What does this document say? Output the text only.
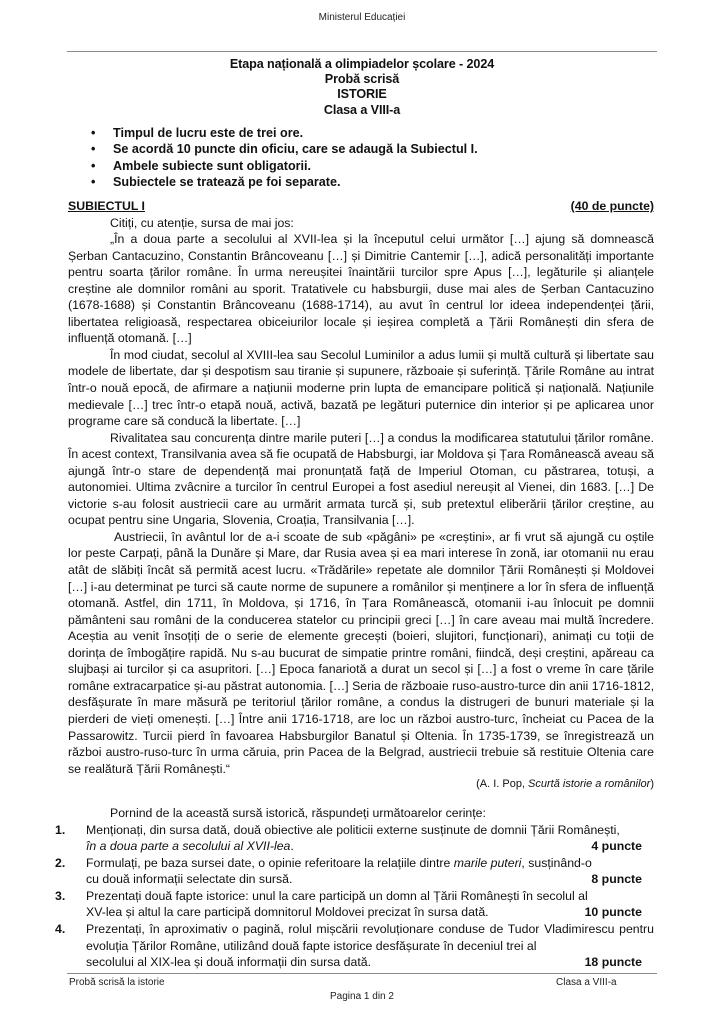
Ministerul Educației
Etapa națională a olimpiadelor școlare - 2024
Probă scrisă
ISTORIE
Clasa a VIII-a
• Timpul de lucru este de trei ore.
• Se acordă 10 puncte din oficiu, care se adaugă la Subiectul I.
• Ambele subiecte sunt obligatorii.
• Subiectele se tratează pe foi separate.
SUBIECTUL I	(40 de puncte)

Citiți, cu atenție, sursa de mai jos:

„În a doua parte a secolului al XVII-lea și la începutul celui următor […] ajung să domnească Șerban Cantacuzino, Constantin Brâncoveanu […] și Dimitrie Cantemir […], adică personalități importante pentru soarta țărilor române. În urma nereușitei înaintării turcilor spre Apus […], legăturile și alianțele creștine ale domnilor români au sporit. Tratativele cu habsburgii, duse mai ales de Șerban Cantacuzino (1678-1688) și Constantin Brâncoveanu (1688-1714), au avut în centrul lor ideea independenței țării, libertatea religioasă, respectarea obiceiurilor locale și ieșirea completă a Țării Românești din sfera de influență otomană. […]

În mod ciudat, secolul al XVIII-lea sau Secolul Luminilor a adus lumii și multă cultură și libertate sau modele de libertate, dar și despotism sau tiranie și supunere, războaie și suferință. Țările Române au intrat într-o nouă epocă, de afirmare a națiunii moderne prin lupta de emancipare politică și națională. Națiunile medievale […] trec într-o etapă nouă, activă, bazată pe legături puternice din interior și pe aplicarea unor programe care să conducă la libertate. […]

Rivalitatea sau concurența dintre marile puteri […] a condus la modificarea statutului țărilor române. În acest context, Transilvania avea să fie ocupată de Habsburgi, iar Moldova și Țara Românească aveau să ajungă într-o stare de dependență mai pronunțată față de Imperiul Otoman, cu păstrarea, totuși, a autonomiei. Ultima zvâcnire a turcilor în centrul Europei a fost asediul nereușit al Vienei, din 1683. […] De victorie s-au folosit austriecii care au urmărit armata turcă și, sub pretextul eliberării țărilor creștine, au ocupat pentru sine Ungaria, Slovenia, Croația, Transilvania […].

Austriecii, în avântul lor de a-i scoate de sub «păgâni» pe «creștini», ar fi vrut să ajungă cu oștile lor peste Carpați, până la Dunăre și Mare, dar Rusia avea și ea mari interese în zonă, iar otomanii nu erau atât de slăbiți încât să permită acest lucru. «Trădările» repetate ale domnilor Țării Românești și Moldovei […] i-au determinat pe turci să caute norme de supunere a românilor și menținere a lor în sfera de influență otomană. Astfel, din 1711, în Moldova, și 1716, în Țara Românească, otomanii i-au înlocuit pe domnii pământeni sau români de la conducerea statelor cu principii greci […] în care aveau mai multă încredere. Aceștia au venit însoțiți de o serie de elemente grecești (boieri, slujitori, funcționari), animați cu toții de dorința de îmbogățire rapidă. Nu s-au bucurat de simpatie printre români, fiindcă, deși creștini, apăreau ca slujbași ai turcilor și ca asupritori. […] Epoca fanariotă a durat un secol și […] a fost o vreme în care țările române extracarpatice și-au păstrat autonomia. […] Seria de războaie ruso-austro-turce din anii 1716-1812, desfășurate în mare măsură pe teritoriul țărilor române, a condus la distrugeri de bunuri materiale și la pierderi de vieți omenești. […] Între anii 1716-1718, are loc un război austro-turc, încheiat cu Pacea de la Passarowitz. Turcii pierd în favoarea Habsburgilor Banatul și Oltenia. În 1735-1739, se înregistrează un război austro-ruso-turc în urma căruia, prin Pacea de la Belgrad, austriecii trebuie să restituie Oltenia care se realătură Țării Românești.“

(A. I. Pop, Scurtă istorie a românilor)

Pornind de la această sursă istorică, răspundeți următoarelor cerințe:

1. Menționați, din sursa dată, două obiective ale politicii externe susținute de domnii Țării Românești,
în a doua parte a secolului al XVII-lea.	4 puncte
2. Formulați, pe baza sursei date, o opinie referitoare la relațiile dintre marile puteri, susținând-o
cu două informații selectate din sursă.	8 puncte
3. Prezentați două fapte istorice: unul la care participă un domn al Țării Românești în secolul al
XV-lea și altul la care participă domnitorul Moldovei precizat în sursa dată.	10 puncte
4. Prezentați, în aproximativ o pagină, rolul mișcării revoluționare conduse de Tudor Vladimirescu pentru evoluția Țărilor Române, utilizând două fapte istorice desfășurate în deceniul trei al
secolului al XIX-lea și două informații din sursa dată.	18 puncte
Probă scrisă la istorie	Clasa a VIII-a
Pagina 1 din 2
